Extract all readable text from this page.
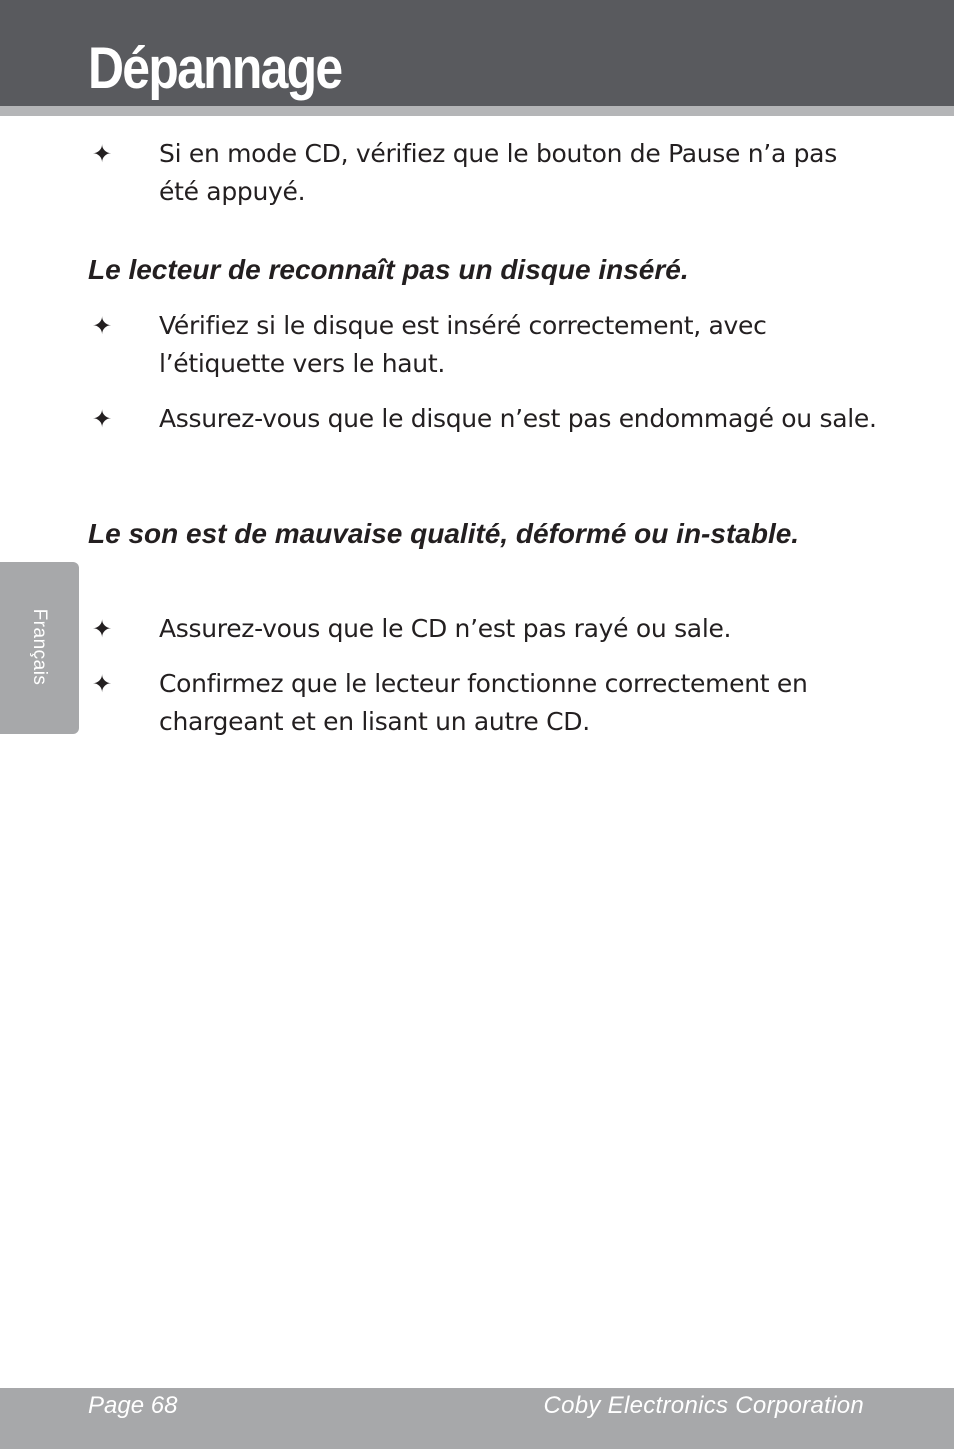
Dépannage
Français
✦ Si en mode CD, vérifiez que le bouton de Pause n’a pas été appuyé.
Le lecteur de reconnaît pas un disque inséré.
✦ Vérifiez si le disque est inséré correctement, avec l’étiquette vers le haut.
✦ Assurez-vous que le disque n’est pas endommagé ou sale.
Le son est de mauvaise qualité, déformé ou in-stable.
✦ Assurez-vous que le CD n’est pas rayé ou sale.
✦ Confirmez que le lecteur fonctionne correctement en chargeant et en lisant un autre CD.
Page 68	Coby Electronics Corporation
